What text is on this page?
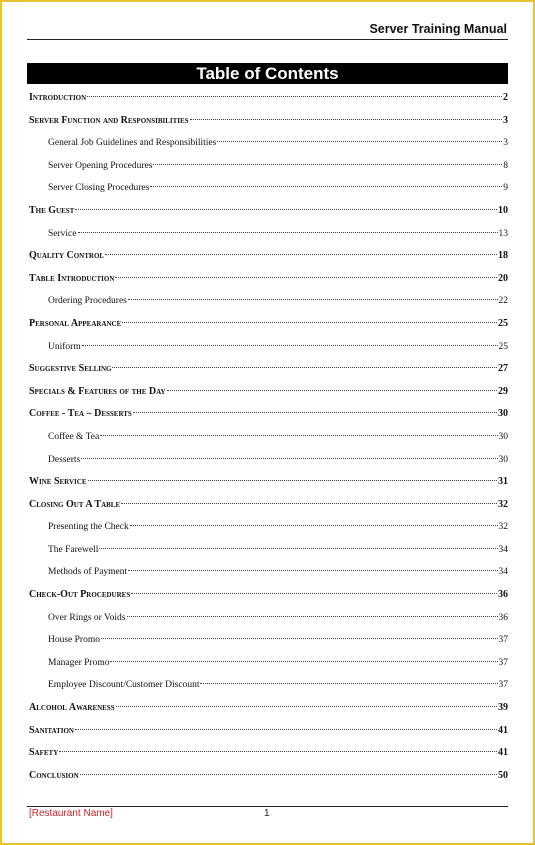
Server Training Manual
Table of Contents
Introduction	2
Server Function and Responsibilities	3
General Job Guidelines and Responsibilities	3
Server Opening Procedures	8
Server Closing Procedures	9
The Guest	10
Service	13
Quality Control	18
Table Introduction	20
Ordering Procedures	22
Personal Appearance	25
Uniform	25
Suggestive Selling	27
Specials & Features of the Day	29
Coffee - Tea – Desserts	30
Coffee & Tea	30
Desserts	30
Wine Service	31
Closing Out A Table	32
Presenting the Check	32
The Farewell	34
Methods of Payment	34
Check-Out Procedures	36
Over Rings or Voids	36
House Promo	37
Manager Promo	37
Employee Discount/Customer Discount	37
Alcohol Awareness	39
Sanitation	41
Safety	41
Conclusion	50
[Restaurant Name]	1
